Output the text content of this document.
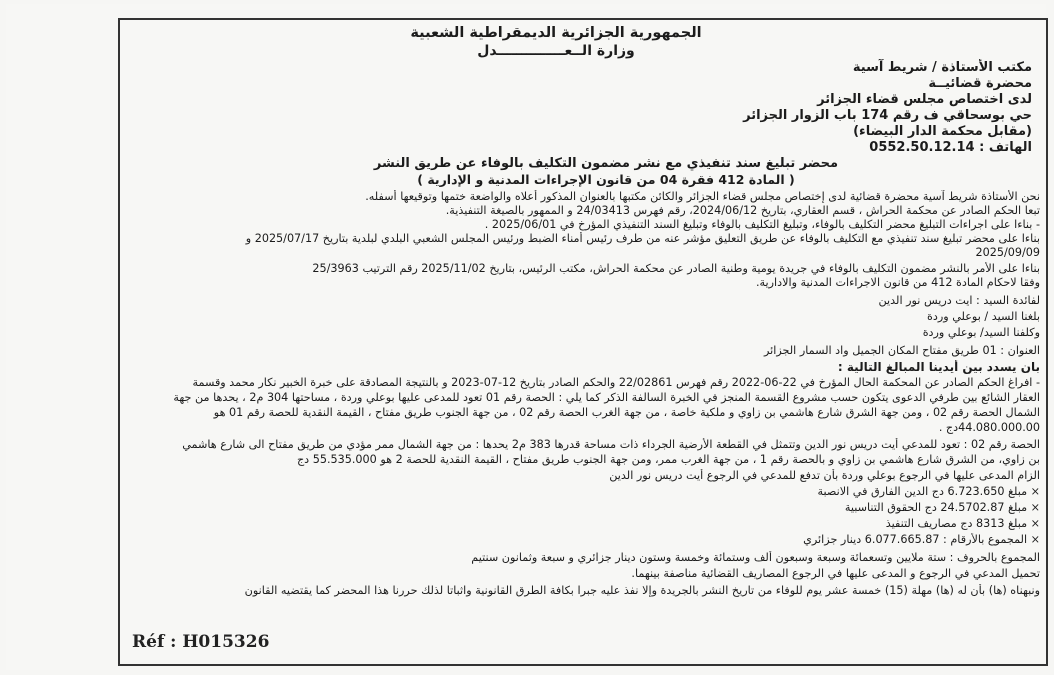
الجمهورية الجزائرية الديمقراطية الشعبية
وزارة الــعــــــــــــــدل
مكتب الأستاذة / شريط آسية
محضرة قضائيــة
لدى اختصاص مجلس قضاء الجزائر
حي بوسحاقي ف رقم 174 باب الزوار الجزائر
(مقابل محكمة الدار البيضاء)
الهاتف : 0552.50.12.14
محضر تبليغ سند تنفيذي مع نشر مضمون التكليف بالوفاء عن طريق النشر
( المادة 412 فقرة 04 من قانون الإجراءات المدنية و الإدارية )
نحن الأستاذة شريط آسية محضرة قضائية لدى إختصاص مجلس قضاء الجزائر والكائن مكتبها بالعنوان المذكور أعلاه والواضعة ختمها وتوقيعها أسفله.
تبعا الحكم الصادر عن محكمة الحراش ، قسم العقاري، بتاريخ 2024/06/12، رقم فهرس 24/03413 و الممهور بالصيغة التنفيذية.
- بناءا على اجراءات التبليغ محضر التكليف بالوفاء، وتبليغ التكليف بالوفاء وتبليغ السند التنفيذي المؤرخ في 2025/06/01 .
بناءا على محضر تبليغ سند تنفيذي مع التكليف بالوفاء عن طريق التعليق مؤشر عنه من طرف رئيس أمناء الضبط ورئيس المجلس الشعبي البلدي لبلدية بتاريخ 2025/07/17 و
2025/09/09
بناءا على الأمر بالنشر مضمون التكليف بالوفاء في جريدة يومية وطنية الصادر عن محكمة الحراش، مكتب الرئيس، بتاريخ 2025/11/02 رقم الترتيب 25/3963
وفقا لاحكام المادة 412 من قانون الاجراءات المدنية والادارية.
لفائدة السيد : ايت دريس نور الدين
بلغنا السيد / بوعلي وردة
وكلفنا السيد/ بوعلي وردة
العنوان : 01 طريق مفتاح المكان الجميل واد السمار الجزائر
بان يسدد بين أيدينا المبالغ التالية :
- افراغ الحكم الصادر عن المحكمة الحال المؤرخ في 22-06-2022 رقم فهرس 22/02861 والحكم الصادر بتاريخ 12-07-2023 و بالنتيجة المصادقة على خبرة الخبير نكار محمد وقسمة
العقار الشائع بين طرفي الدعوى يتكون حسب مشروع القسمة المنجز في الخبرة السالفة الذكر كما يلي : الحصة رقم 01 تعود للمدعى عليها بوعلي وردة ، مساحتها 304 م2 ، يحدها من جهة
الشمال الحصة رقم 02 ، ومن جهة الشرق شارع هاشمي بن زاوي و ملكية خاصة ، من جهة الغرب الحصة رقم 02 ، من جهة الجنوب طريق مفتاح ، القيمة النقدية للحصة رقم 01 هو
44.080.000.00دج .
الحصة رقم 02 : تعود للمدعي أيت دريس نور الدين وتتمثل في القطعة الأرضية الجرداء ذات مساحة قدرها 383 م2 يحدها : من جهة الشمال ممر مؤدي من طريق مفتاح الى شارع هاشمي
بن زاوي، من الشرق شارع هاشمي بن زاوي و بالحصة رقم 1 ، من جهة الغرب ممر، ومن جهة الجنوب طريق مفتاح ، القيمة النقدية للحصة 2 هو 55.535.000 دج
الزام المدعى عليها في الرجوع بوعلي وردة بأن تدفع للمدعي في الرجوع أيت دريس نور الدين
× مبلغ 6.723.650 دج الدين الفارق في الانصبة
× مبلغ 24.5702.87 دج الحقوق التناسبية
× مبلغ 8313 دج مصاريف التنفيذ
× المجموع بالأرقام : 6.077.665.87 دينار جزائري
المجموع بالحروف : ستة ملايين وتسعمائة وسبعة وسبعون ألف وستمائة وخمسة وستون دينار جزائري و سبعة وثمانون سنتيم
تحميل المدعي في الرجوع و المدعى عليها في الرجوع المصاريف القضائية مناصفة بينهما.
ونبهناه (ها) بأن له (ها) مهلة (15) خمسة عشر يوم للوفاء من تاريخ النشر بالجريدة وإلا نفذ عليه جبرا بكافة الطرق القانونية واثباتا لذلك حررنا هذا المحضر كما يقتضيه القانون
Réf : H015326
